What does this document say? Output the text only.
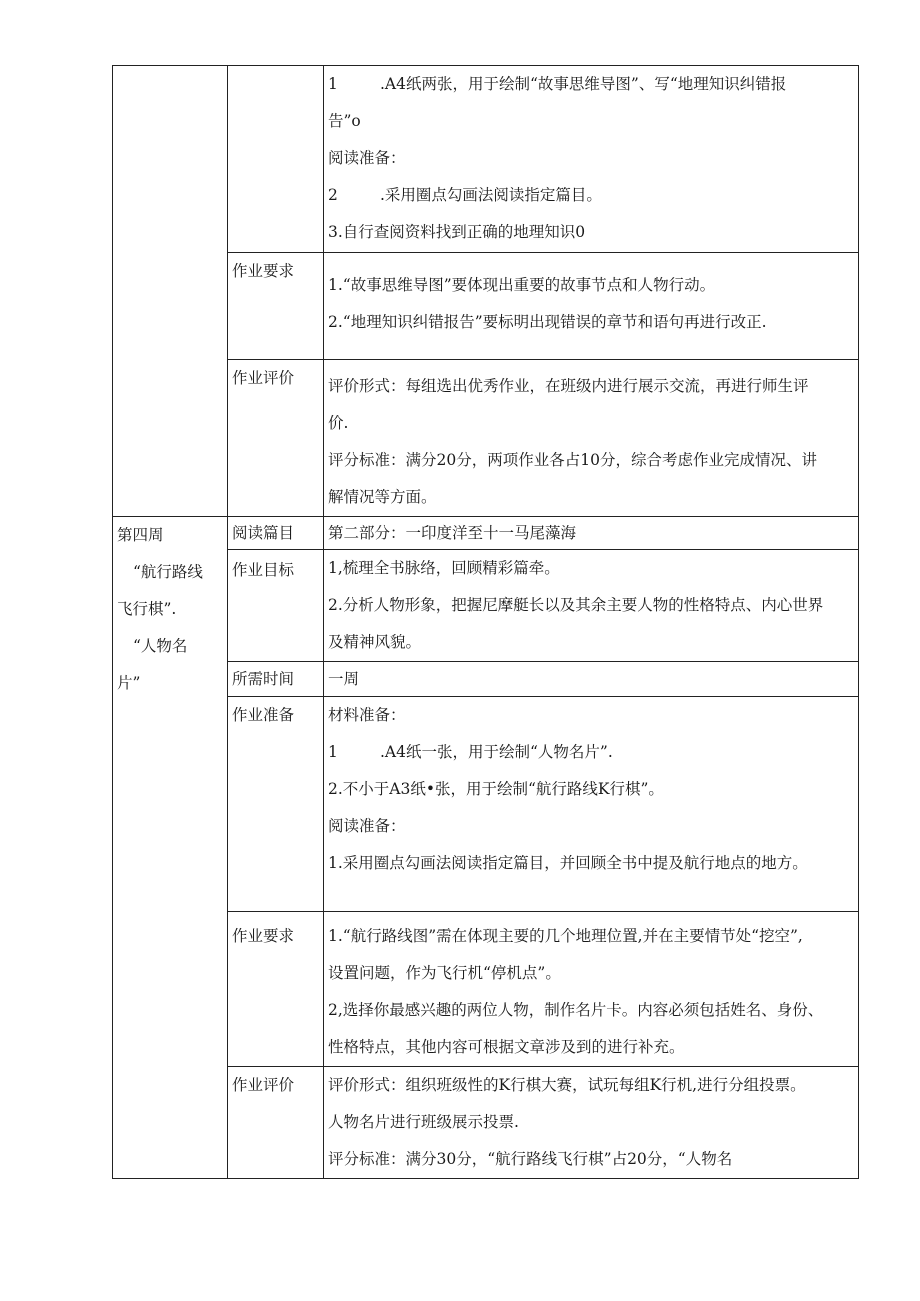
		1 .A4纸两张，用于绘制“故事思维导图”、写“地理知识纠错报
告”o
阅读准备：
2 .采用圈点勾画法阅读指定篇目。
3.自行查阅资料找到正确的地理知识0

	作业要求	1.“故事思维导图”要体现出重要的故事节点和人物行动。
2.“地理知识纠错报告”要标明出现错误的章节和语句再进行改正.

	作业评价	评价形式：每组选出优秀作业，在班级内进行展示交流，再进行师生评
价.
评分标准：满分20分，两项作业各占10分，综合考虑作业完成情况、讲
解情况等方面。

第四周
“航行路线
飞行棋”.
“人物名
片”	阅读篇目	第二部分：一印度洋至十一马尾藻海
	作业目标	1,梳理全书脉络，回顾精彩篇牵。
2.分析人物形象，把握尼摩艇长以及其余主要人物的性格特点、内心世界
及精神风貌。

	所需时间	一周
	作业准备	材料准备：
1 .A4纸一张，用于绘制“人物名片”.
2.不小于A3纸•张，用于绘制“航行路线K行棋”。
阅读准备：
1.采用圈点勾画法阅读指定篇目，并回顾全书中提及航行地点的地方。

	作业要求	1.“航行路线图”需在体现主要的几个地理位置,并在主要情节处“挖空”,
设置问题，作为飞行机“停机点”。
2,选择你最感兴趣的两位人物，制作名片卡。内容必须包括姓名、身份、
性格特点，其他内容可根据文章涉及到的进行补充。

	作业评价	评价形式：组织班级性的K行棋大赛，试玩每组K行机,进行分组投票。
人物名片进行班级展示投票.
评分标准：满分30分，“航行路线飞行棋”占20分，“人物名
